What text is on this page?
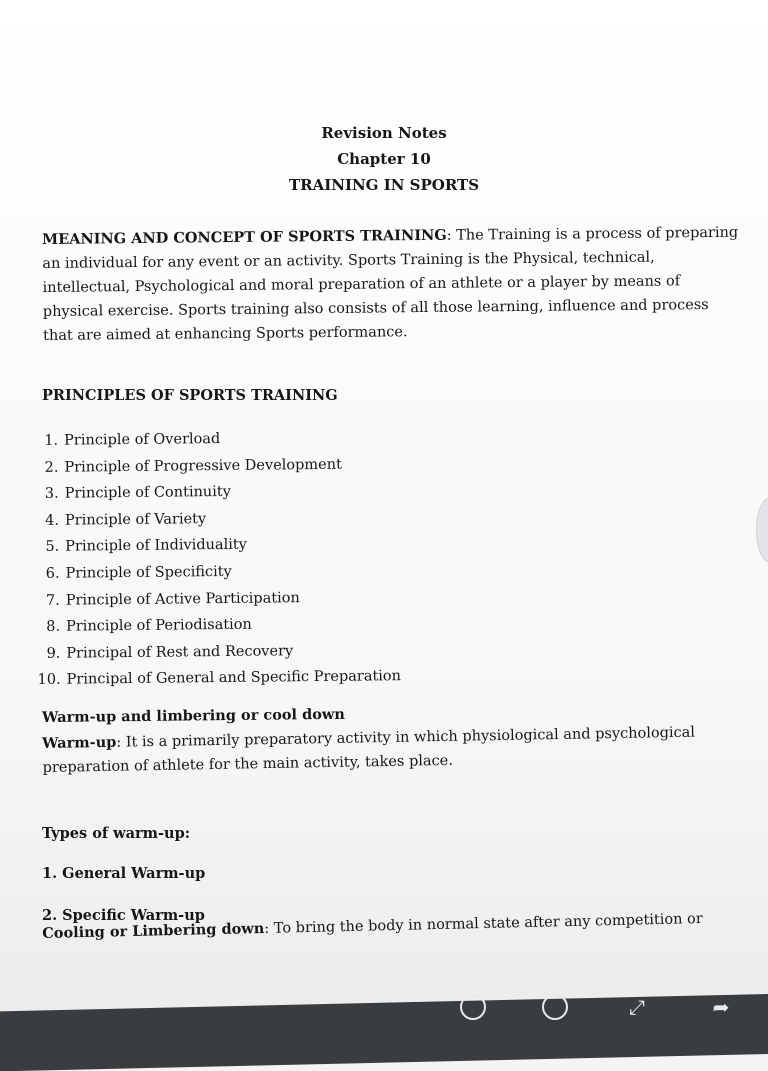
Revision Notes
Chapter 10
TRAINING IN SPORTS
MEANING AND CONCEPT OF SPORTS TRAINING: The Training is a process of preparing an individual for any event or an activity. Sports Training is the Physical, technical, intellectual, Psychological and moral preparation of an athlete or a player by means of physical exercise. Sports training also consists of all those learning, influence and process that are aimed at enhancing Sports performance.
PRINCIPLES OF SPORTS TRAINING
1. Principle of Overload
2. Principle of Progressive Development
3. Principle of Continuity
4. Principle of Variety
5. Principle of Individuality
6. Principle of Specificity
7. Principle of Active Participation
8. Principle of Periodisation
9. Principal of Rest and Recovery
10. Principal of General and Specific Preparation
Warm-up and limbering or cool down
Warm-up: It is a primarily preparatory activity in which physiological and psychological preparation of athlete for the main activity, takes place.
Types of warm-up:
1. General Warm-up
2. Specific Warm-up
Cooling or Limbering down: To bring the body in normal state after any competition or
⤢	➦
